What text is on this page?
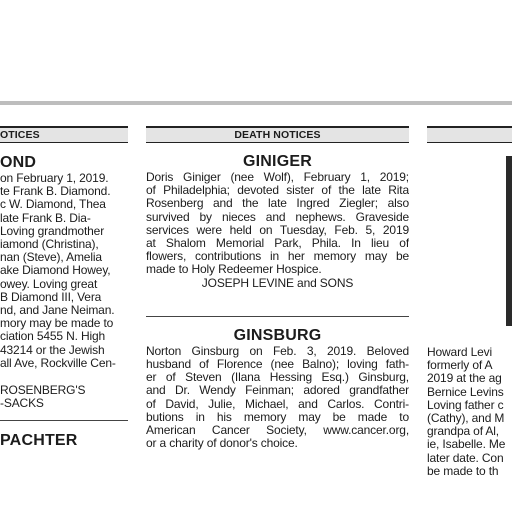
OTICES
OND
on February 1, 2019.
te Frank B. Diamond.
c W. Diamond, Thea
late Frank B. Dia-
Loving grandmother
iamond (Christina),
nan (Steve), Amelia
ake Diamond Howey,
owey. Loving great
B Diamond III, Vera
nd, and Jane Neiman.
mory may be made to
ciation 5455 N. High
43214 or the Jewish
all Ave, Rockville Cen-
ROSENBERG'S
-SACKS
PACHTER
DEATH NOTICES
GINIGER
Doris Giniger (nee Wolf), February 1, 2019;
of Philadelphia; devoted sister of the late Rita
Rosenberg and the late Ingred Ziegler; also
survived by nieces and nephews. Graveside
services were held on Tuesday, Feb. 5, 2019
at Shalom Memorial Park, Phila. In lieu of
flowers, contributions in her memory may be
made to Holy Redeemer Hospice.
JOSEPH LEVINE and SONS
GINSBURG
Norton Ginsburg on Feb. 3, 2019. Beloved
husband of Florence (nee Balno); loving fath-
er of Steven (Ilana Hessing Esq.) Ginsburg,
and Dr. Wendy Feinman; adored grandfather
of David, Julie, Michael, and Carlos. Contri-
butions in his memory may be made to
American Cancer Society, www.cancer.org,
or a charity of donor's choice.
Howard Levi
formerly of A
2019 at the ag
Bernice Levins
Loving father c
(Cathy), and M
grandpa of Al,
ie, Isabelle. Me
later date. Con
be made to th
